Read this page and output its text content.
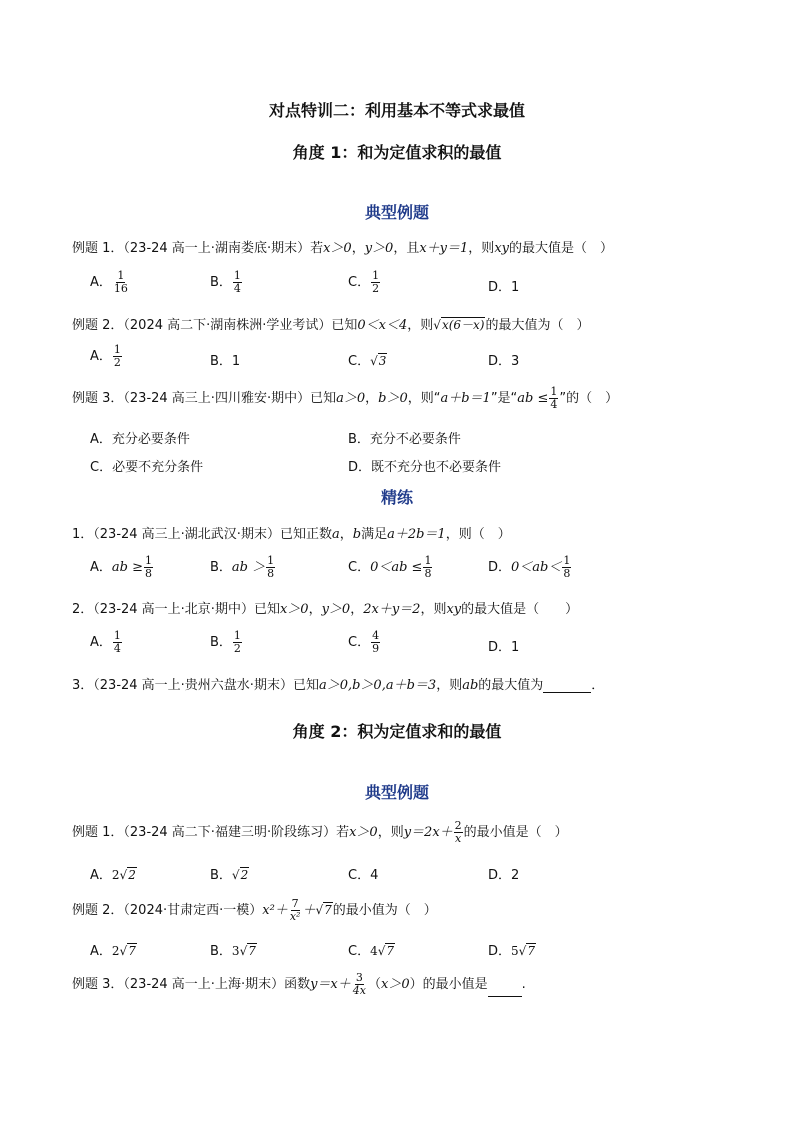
对点特训二：利用基本不等式求最值
角度 1：和为定值求积的最值
典型例题
例题 1．（23-24 高一上·湖南娄底·期末）若x＞0，y＞0，且x＋y＝1，则xy的最大值是（　）
A． $\frac{1}{16}$	B． $\frac{1}{4}$	C． $\frac{1}{2}$	D．1
例题 2．（2024 高二下·湖南株洲·学业考试）已知0＜x＜4，则√x(6－x)的最大值为（　）
A． $\frac{1}{2}$	B．1	C．√3	D．3
例题 3．（23-24 高三上·四川雅安·期中）已知a＞0，b＞0，则“a＋b＝1”是“ab ≤ $\frac{1}{4}$ ”的（　）
A．充分必要条件	B．充分不必要条件
C．必要不充分条件	D．既不充分也不必要条件
精练
1．（23-24 高三上·湖北武汉·期末）已知正数a，b满足a＋2b＝1，则（　）
A．ab ≥ $\frac{1}{8}$	B．ab ＞ $\frac{1}{8}$	C．$0<ab \le \frac{1}{8}$	D．$0<ab< \frac{1}{8}$
2．（23-24 高一上·北京·期中）已知x＞0，y＞0，2x＋y＝2，则xy的最大值是（　　）
A． $\frac{1}{4}$	B． $\frac{1}{2}$	C． $\frac{4}{9}$	D．1
3．（23-24 高一上·贵州六盘水·期末）已知a＞0,b＞0,a＋b＝3，则ab的最大值为	．
角度 2：积为定值求和的最值
典型例题
例题 1．（23-24 高二下·福建三明·阶段练习）若x＞0，则$y=2x+ \frac{2}{x}$ 的最小值是（　）
A．2√2	B．√2	C．4	D．2
例题 2．（2024·甘肃定西·一模）$x^2+ \frac{7}{\text{x²}} +√7$的最小值为（　）
A．2√7	B．3√7	C．4√7	D．5√7
例题 3．（23-24 高一上·上海·期末）函数$y=x+ \frac{3}{4x} (x>0)$的最小值是	.
